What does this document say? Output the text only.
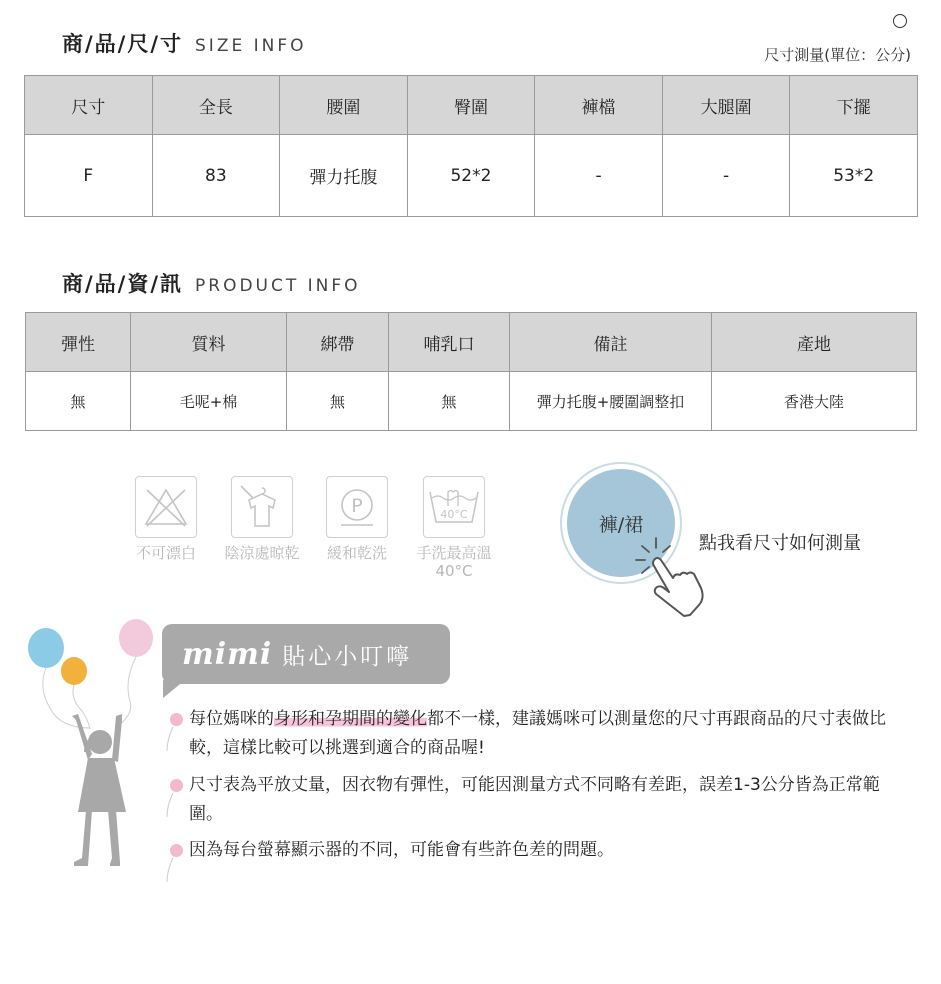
商/品/尺/寸 SIZE INFO	尺寸測量(單位：公分)
尺寸	全長	腰圍	臀圍	褲檔	大腿圍	下擺
F	83	彈力托腹	52*2	-	-	53*2
商/品/資/訊 PRODUCT INFO
彈性	質料	綁帶	哺乳口	備註	產地
無	毛呢+棉	無	無	彈力托腹+腰圍調整扣	香港大陸
不可漂白	陰涼處晾乾
P
緩和乾洗
40°C
手洗最高溫
40°C
褲/裙
點我看尺寸如何測量
mimi 貼心小叮嚀
每位媽咪的身形和孕期間的變化都不一樣，建議媽咪可以測量您的尺寸再跟商品的尺寸表做比較，這樣比較可以挑選到適合的商品喔!
尺寸表為平放丈量，因衣物有彈性，可能因測量方式不同略有差距，誤差1-3公分皆為正常範圍。
因為每台螢幕顯示器的不同，可能會有些許色差的問題。
